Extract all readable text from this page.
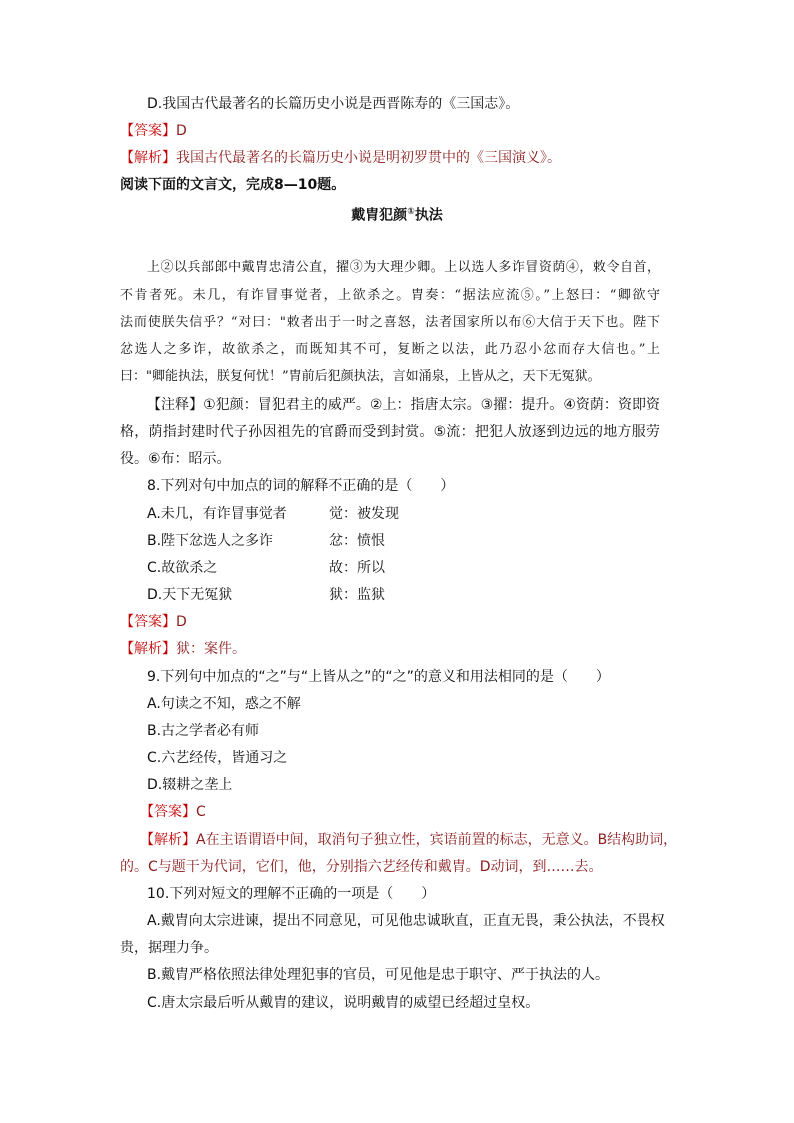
D.我国古代最著名的长篇历史小说是西晋陈寿的《三国志》。
【答案】D
【解析】我国古代最著名的长篇历史小说是明初罗贯中的《三国演义》。
阅读下面的文言文，完成8—10题。
戴胄犯颜①执法
上②以兵部郎中戴胄忠清公直，擢③为大理少卿。上以选人多诈冒资荫④，敕令自首，
不肯者死。未几，有诈冒事觉者，上欲杀之。胄奏：“据法应流⑤。”上怒曰：“卿欲守
法而使朕失信乎？“对曰："敕者出于一时之喜怒，法者国家所以布⑥大信于天下也。陛下
忿选人之多诈，故欲杀之，而既知其不可，复断之以法，此乃忍小忿而存大信也。”上
曰："卿能执法，朕复何忧！”胄前后犯颜执法，言如涌泉，上皆从之，天下无冤狱。
【注释】①犯颜：冒犯君主的威严。②上：指唐太宗。③擢：提升。④资荫：资即资
格，荫指封建时代子孙因祖先的官爵而受到封赏。⑤流：把犯人放逐到边远的地方服劳
役。⑥布：昭示。
8.下列对句中加点的词的解释不正确的是（　　）
A.未几，有诈冒事觉者	觉：被发现
B.陛下忿选人之多诈	忿：愤恨
C.故欲杀之	故：所以
D.天下无冤狱	狱：监狱
【答案】D
【解析】狱：案件。
9.下列句中加点的“之”与“上皆从之”的“之”的意义和用法相同的是（　　）
A.句读之不知，惑之不解
B.古之学者必有师
C.六艺经传，皆通习之
D.辍耕之垄上
【答案】C
【解析】A在主语谓语中间，取消句子独立性，宾语前置的标志，无意义。B结构助词，
的。C与题干为代词，它们，他，分别指六艺经传和戴胄。D动词，到……去。
10.下列对短文的理解不正确的一项是（　　）
A.戴胄向太宗进谏，提出不同意见，可见他忠诚耿直，正直无畏，秉公执法，不畏权
贵，据理力争。
B.戴胄严格依照法律处理犯事的官员，可见他是忠于职守、严于执法的人。
C.唐太宗最后听从戴胄的建议，说明戴胄的威望已经超过皇权。
